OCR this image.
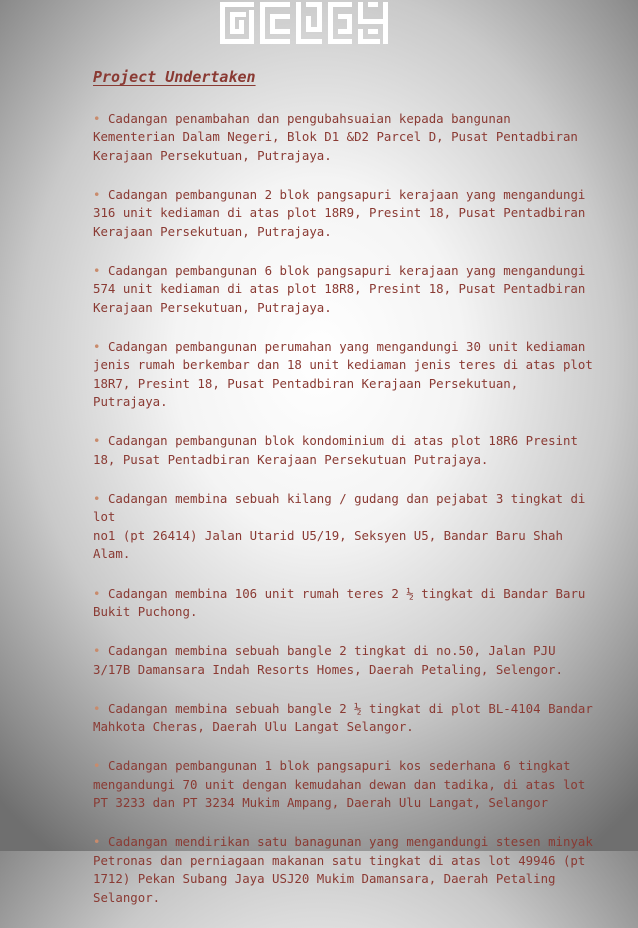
Project Undertaken
• Cadangan penambahan dan pengubahsuaian kepada bangunan
Kementerian Dalam Negeri, Blok D1 &D2 Parcel D, Pusat Pentadbiran
Kerajaan Persekutuan, Putrajaya.
• Cadangan pembangunan 2 blok pangsapuri kerajaan yang mengandungi
316 unit kediaman di atas plot 18R9, Presint 18, Pusat Pentadbiran
Kerajaan Persekutuan, Putrajaya.
• Cadangan pembangunan 6 blok pangsapuri kerajaan yang mengandungi
574 unit kediaman di atas plot 18R8, Presint 18, Pusat Pentadbiran
Kerajaan Persekutuan, Putrajaya.
• Cadangan pembangunan perumahan yang mengandungi 30 unit kediaman
jenis rumah berkembar dan 18 unit kediaman jenis teres di atas plot
18R7, Presint 18, Pusat Pentadbiran Kerajaan Persekutuan, Putrajaya.
• Cadangan pembangunan blok kondominium di atas plot 18R6 Presint
18, Pusat Pentadbiran Kerajaan Persekutuan Putrajaya.
• Cadangan membina sebuah kilang / gudang dan pejabat 3 tingkat di lot
no1 (pt 26414) Jalan Utarid U5/19, Seksyen U5, Bandar Baru Shah
Alam.
• Cadangan membina 106 unit rumah teres 2 ½ tingkat di Bandar Baru
Bukit Puchong.
• Cadangan membina sebuah bangle 2 tingkat di no.50, Jalan PJU
3/17B Damansara Indah Resorts Homes, Daerah Petaling, Selengor.
• Cadangan membina sebuah bangle 2 ½ tingkat di plot BL-4104 Bandar
Mahkota Cheras, Daerah Ulu Langat Selangor.
• Cadangan pembangunan 1 blok pangsapuri kos sederhana 6 tingkat
mengandungi 70 unit dengan kemudahan dewan dan tadika, di atas lot
PT 3233 dan PT 3234 Mukim Ampang, Daerah Ulu Langat, Selangor
• Cadangan mendirikan satu banagunan yang mengandungi stesen minyak
Petronas dan perniagaan makanan satu tingkat di atas lot 49946 (pt
1712) Pekan Subang Jaya USJ20 Mukim Damansara, Daerah Petaling
Selangor.
